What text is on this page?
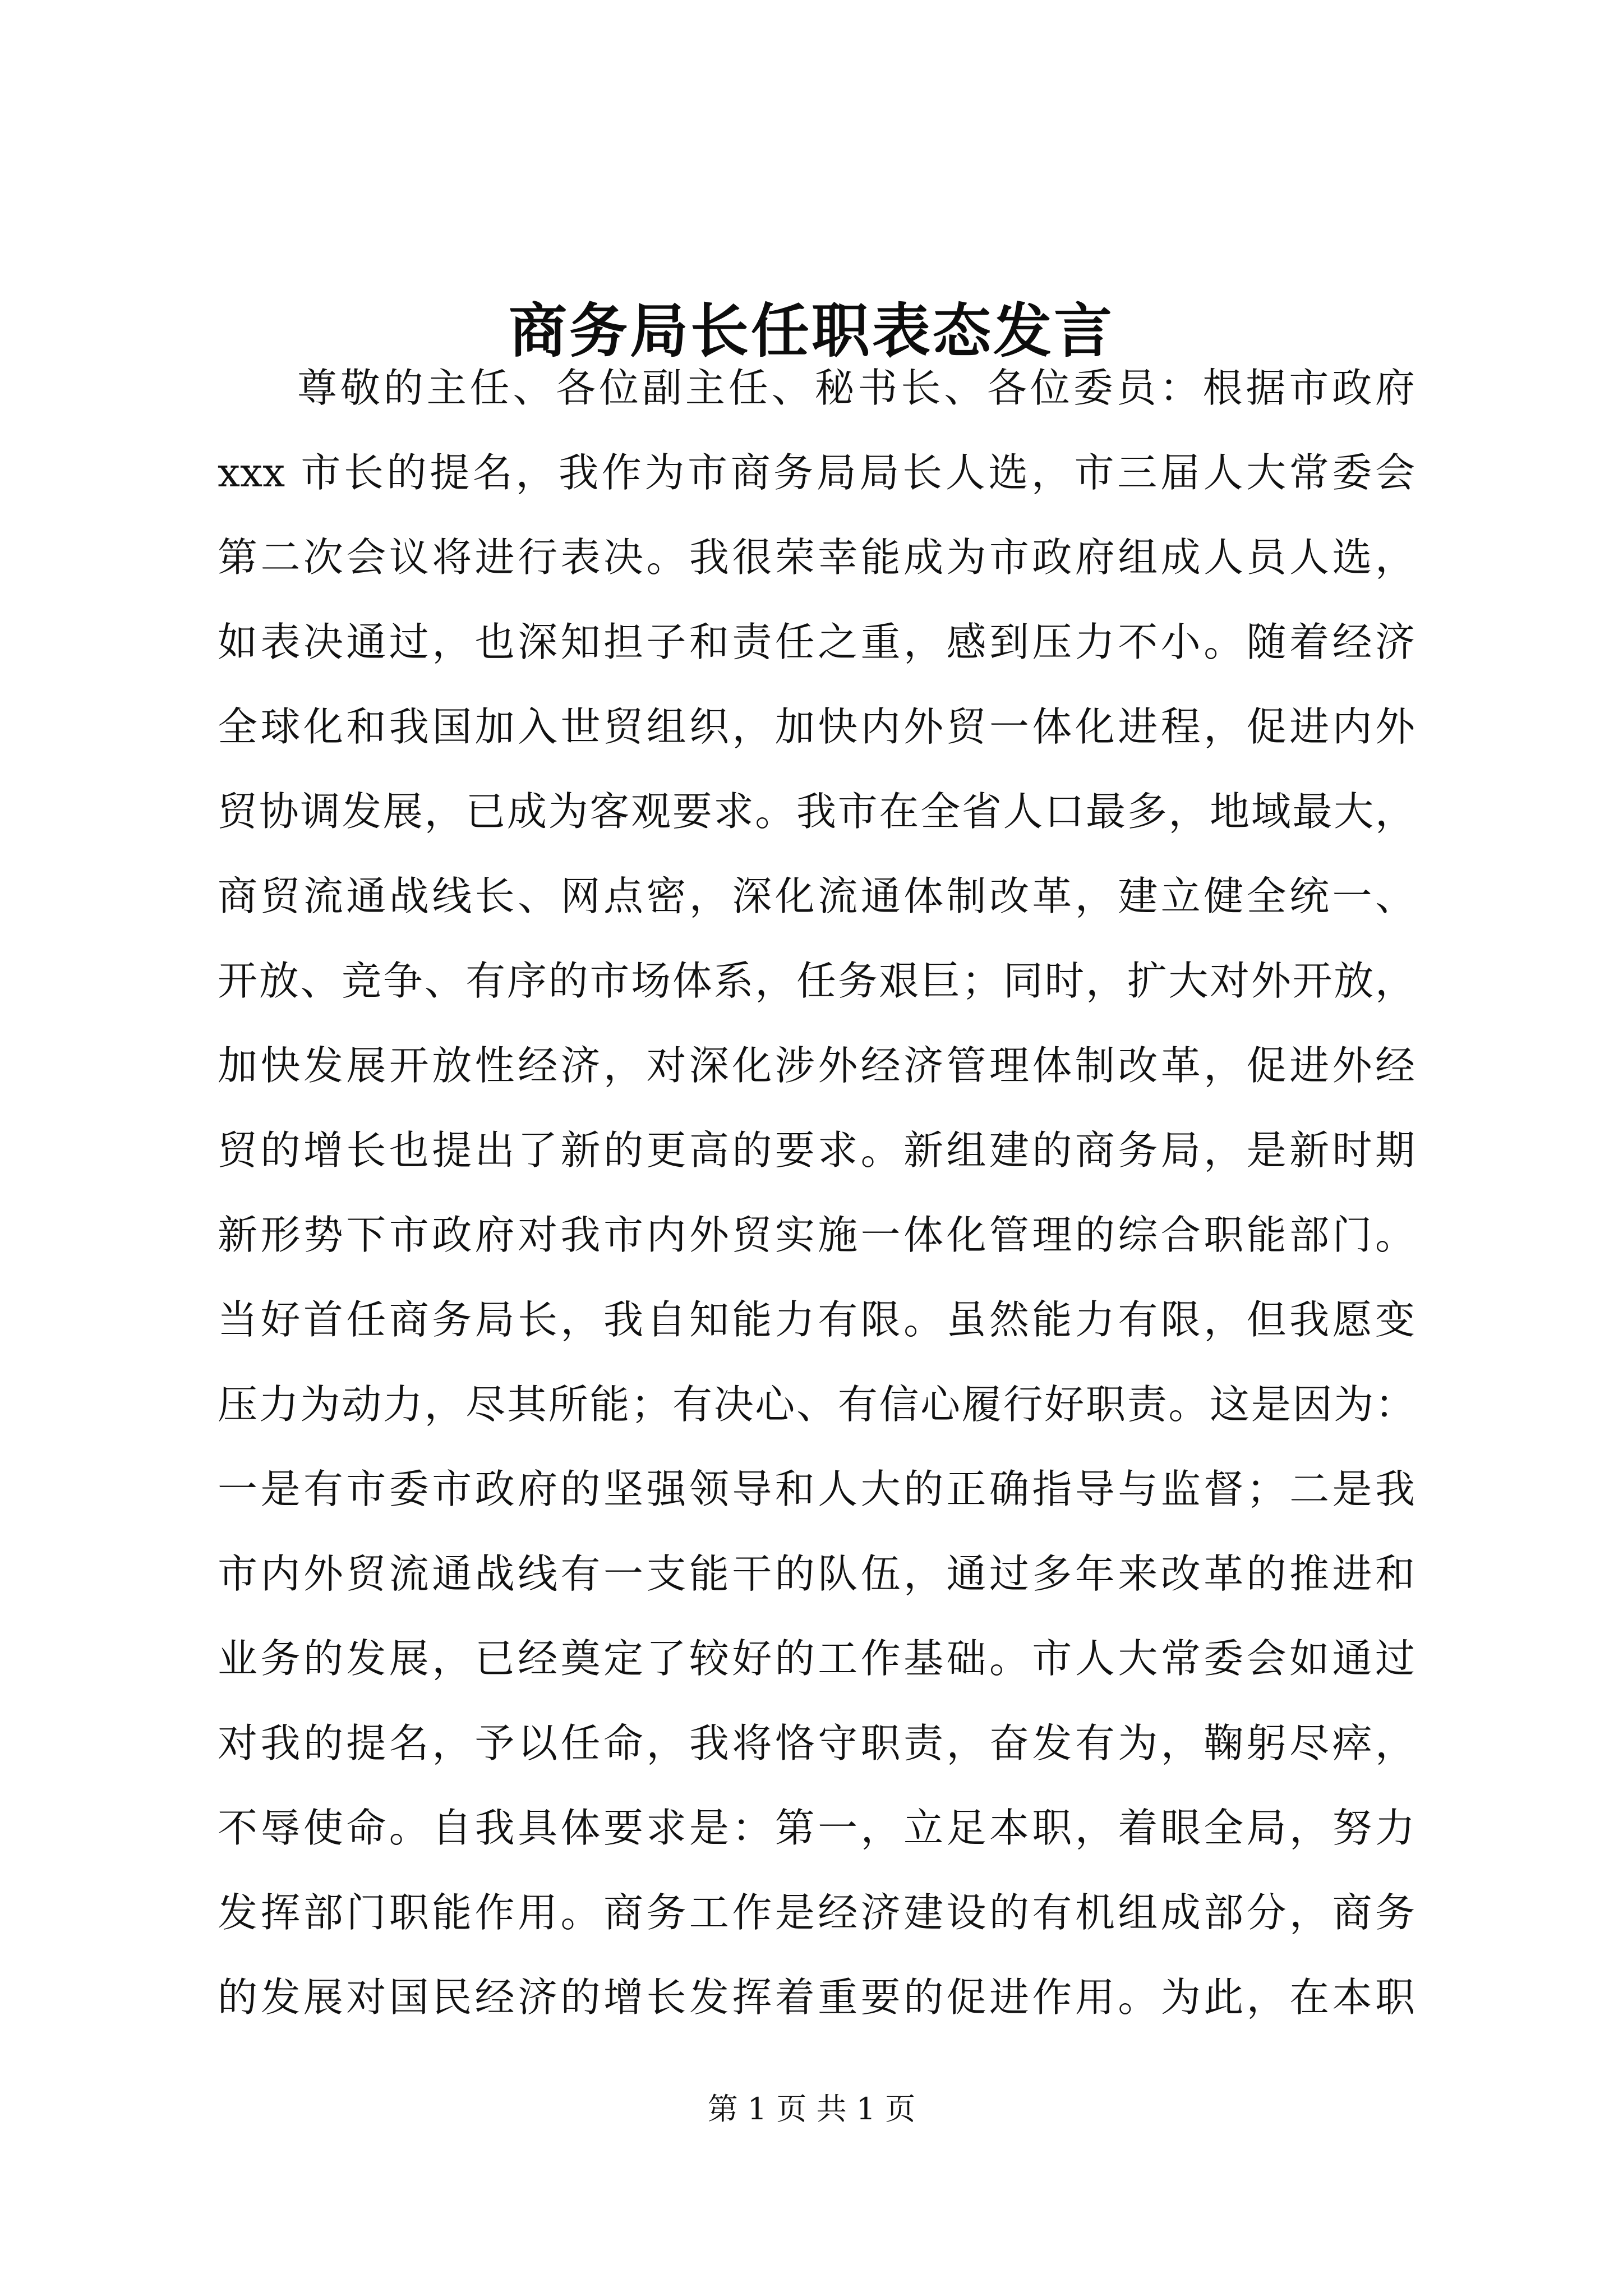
商务局长任职表态发言
尊敬的主任、各位副主任、秘书长、各位委员：根据市政府
xxx 市长的提名，我作为市商务局局长人选，市三届人大常委会
第二次会议将进行表决。我很荣幸能成为市政府组成人员人选，
如表决通过，也深知担子和责任之重，感到压力不小。随着经济
全球化和我国加入世贸组织，加快内外贸一体化进程，促进内外
贸协调发展，已成为客观要求。我市在全省人口最多，地域最大，
商贸流通战线长、网点密，深化流通体制改革，建立健全统一、
开放、竞争、有序的市场体系，任务艰巨；同时，扩大对外开放，
加快发展开放性经济，对深化涉外经济管理体制改革，促进外经
贸的增长也提出了新的更高的要求。新组建的商务局，是新时期
新形势下市政府对我市内外贸实施一体化管理的综合职能部门。
当好首任商务局长，我自知能力有限。虽然能力有限，但我愿变
压力为动力，尽其所能；有决心、有信心履行好职责。这是因为：
一是有市委市政府的坚强领导和人大的正确指导与监督；二是我
市内外贸流通战线有一支能干的队伍，通过多年来改革的推进和
业务的发展，已经奠定了较好的工作基础。市人大常委会如通过
对我的提名，予以任命，我将恪守职责，奋发有为，鞠躬尽瘁，
不辱使命。自我具体要求是：第一，立足本职，着眼全局，努力
发挥部门职能作用。商务工作是经济建设的有机组成部分，商务
的发展对国民经济的增长发挥着重要的促进作用。为此，在本职
第 1 页 共 1 页
